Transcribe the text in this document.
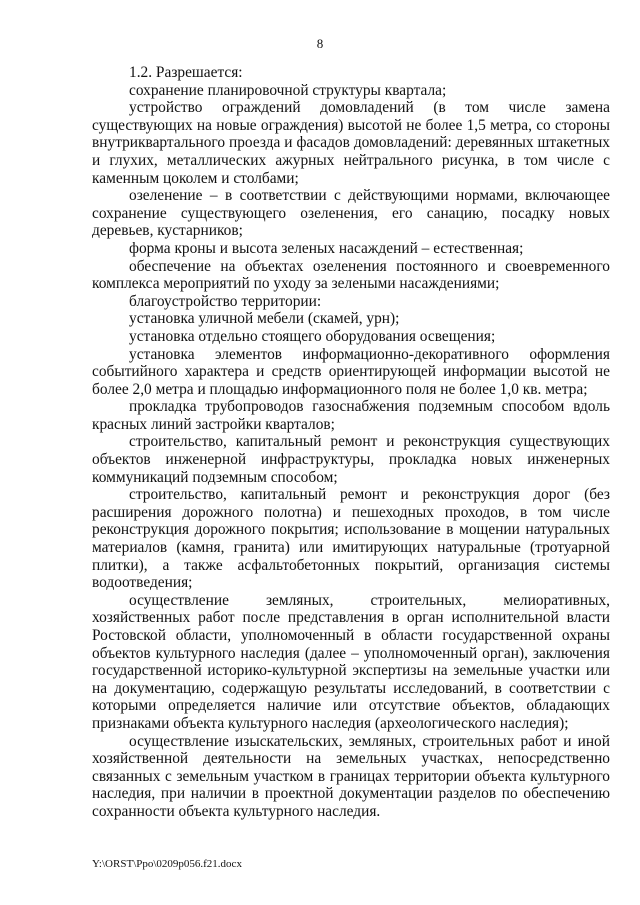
8

1.2. Разрешается:

сохранение планировочной структуры квартала;

устройство ограждений домовладений (в том числе замена существующих на новые ограждения) высотой не более 1,5 метра, со стороны внутриквартального проезда и фасадов домовладений: деревянных штакетных и глухих, металлических ажурных нейтрального рисунка, в том числе с каменным цоколем и столбами;

озеленение – в соответствии с действующими нормами, включающее сохранение существующего озеленения, его санацию, посадку новых деревьев, кустарников;

форма кроны и высота зеленых насаждений – естественная;

обеспечение на объектах озеленения постоянного и своевременного комплекса мероприятий по уходу за зелеными насаждениями;

благоустройство территории:

установка уличной мебели (скамей, урн);

установка отдельно стоящего оборудования освещения;

установка элементов информационно-декоративного оформления событийного характера и средств ориентирующей информации высотой не более 2,0 метра и площадью информационного поля не более 1,0 кв. метра;

прокладка трубопроводов газоснабжения подземным способом вдоль красных линий застройки кварталов;

строительство, капитальный ремонт и реконструкция существующих объектов инженерной инфраструктуры, прокладка новых инженерных коммуникаций подземным способом;

строительство, капитальный ремонт и реконструкция дорог (без расширения дорожного полотна) и пешеходных проходов, в том числе реконструкция дорожного покрытия; использование в мощении натуральных материалов (камня, гранита) или имитирующих натуральные (тротуарной плитки), а также асфальтобетонных покрытий, организация системы водоотведения;

осуществление земляных, строительных, мелиоративных, хозяйственных работ после представления в орган исполнительной власти Ростовской области, уполномоченный в области государственной охраны объектов культурного наследия (далее – уполномоченный орган), заключения государственной историко-культурной экспертизы на земельные участки или на документацию, содержащую результаты исследований, в соответствии с которыми определяется наличие или отсутствие объектов, обладающих признаками объекта культурного наследия (археологического наследия);

осуществление изыскательских, земляных, строительных работ и иной хозяйственной деятельности на земельных участках, непосредственно связанных с земельным участком в границах территории объекта культурного наследия, при наличии в проектной документации разделов по обеспечению сохранности объекта культурного наследия.

Y:\ORST\Ppo\0209p056.f21.docx
